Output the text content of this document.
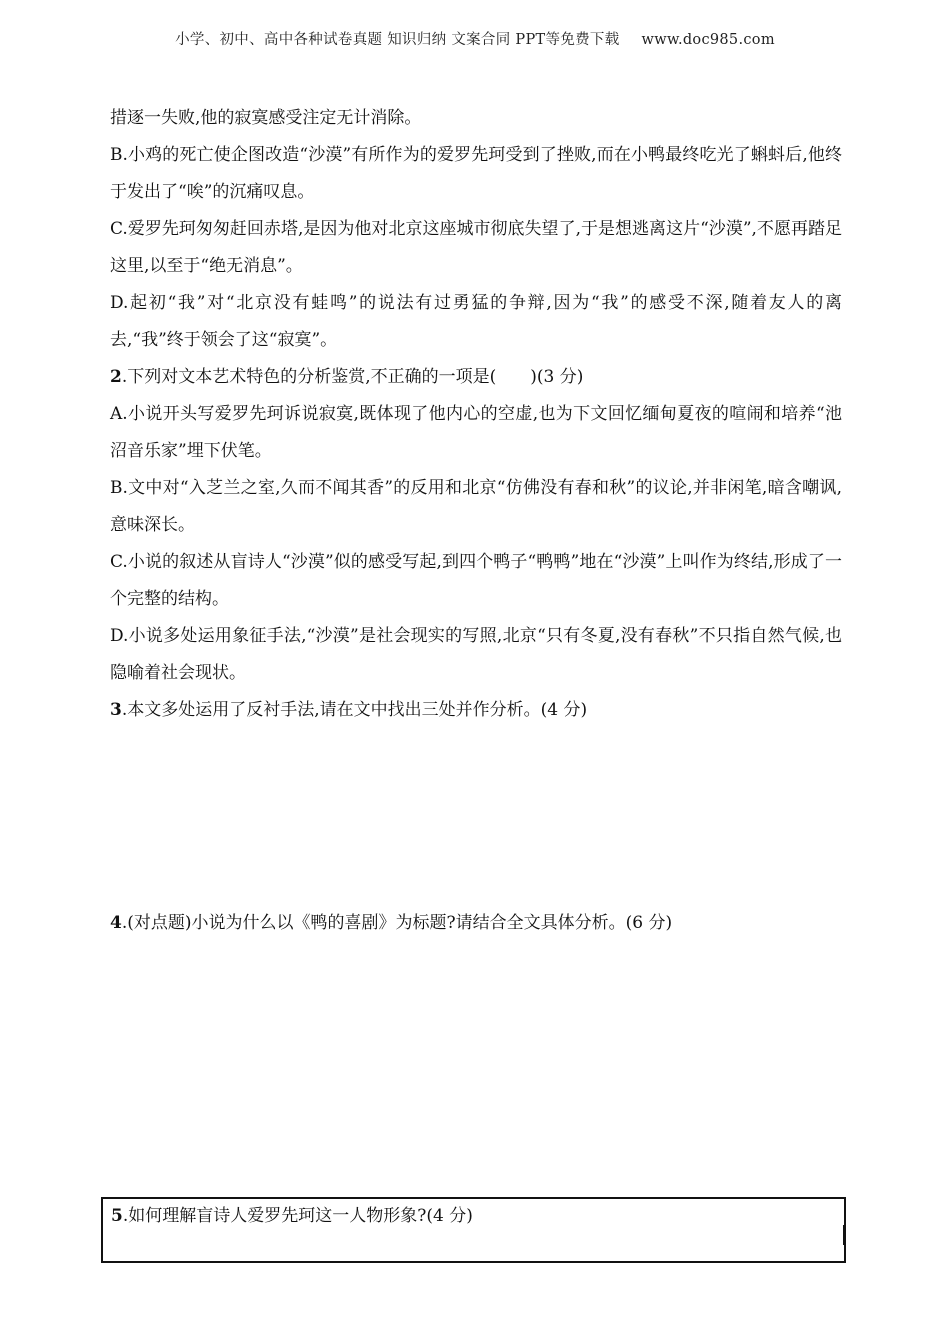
小学、初中、高中各种试卷真题 知识归纳 文案合同 PPT等免费下载 www.doc985.com

措逐一失败,他的寂寞感受注定无计消除。

B.小鸡的死亡使企图改造“沙漠”有所作为的爱罗先珂受到了挫败,而在小鸭最终吃光了蝌蚪后,他终于发出了“唉”的沉痛叹息。

C.爱罗先珂匆匆赶回赤塔,是因为他对北京这座城市彻底失望了,于是想逃离这片“沙漠”,不愿再踏足这里,以至于“绝无消息”。

D.起初“我”对“北京没有蛙鸣”的说法有过勇猛的争辩,因为“我”的感受不深,随着友人的离去,“我”终于领会了这“寂寞”。

2.下列对文本艺术特色的分析鉴赏,不正确的一项是(　　)(3 分)

A.小说开头写爱罗先珂诉说寂寞,既体现了他内心的空虚,也为下文回忆缅甸夏夜的喧闹和培养“池沼音乐家”埋下伏笔。

B.文中对“入芝兰之室,久而不闻其香”的反用和北京“仿佛没有春和秋”的议论,并非闲笔,暗含嘲讽,意味深长。

C.小说的叙述从盲诗人“沙漠”似的感受写起,到四个鸭子“鸭鸭”地在“沙漠”上叫作为终结,形成了一个完整的结构。

D.小说多处运用象征手法,“沙漠”是社会现实的写照,北京“只有冬夏,没有春秋”不只指自然气候,也隐喻着社会现状。

3.本文多处运用了反衬手法,请在文中找出三处并作分析。(4 分)
4.(对点题)小说为什么以《鸭的喜剧》为标题?请结合全文具体分析。(6 分)
5.如何理解盲诗人爱罗先珂这一人物形象?(4 分)
